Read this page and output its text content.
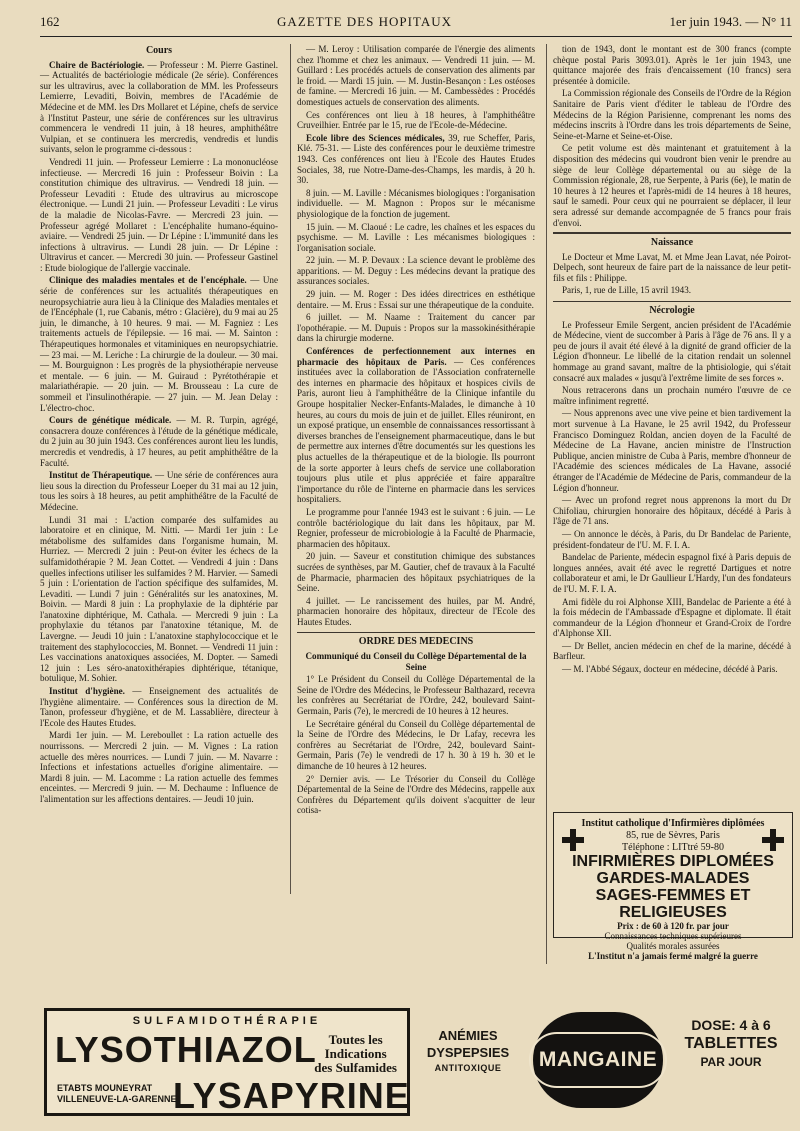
162	GAZETTE DES HOPITAUX	1er juin 1943. — N° 11

Cours

Chaire de Bactériologie. — Professeur : M. Pierre Gastinel. — Actualités de bactériologie médicale (2e série). Conférences sur les ultravirus, avec la collaboration de MM. les Professeurs Lemierre, Levaditi, Boivin, membres de l'Académie de Médecine et de MM. les Drs Mollaret et Lépine, chefs de service à l'Institut Pasteur, une série de conférences sur les ultravirus commencera le vendredi 11 juin, à 18 heures, amphithéâtre Vulpian, et se continuera les mercredis, vendredis et lundis suivants, selon le programme ci-dessous :

Vendredi 11 juin. — Professeur Lemierre : La mononucléose infectieuse. — Mercredi 16 juin : Professeur Boivin : La constitution chimique des ultravirus. — Vendredi 18 juin. — Professeur Levaditi : Etude des ultravirus au microscope électronique. — Lundi 21 juin. — Professeur Levaditi : Le virus de la maladie de Nicolas-Favre. — Mercredi 23 juin. — Professeur agrégé Mollaret : L'encéphalite humano-équino-aviaire. — Vendredi 25 juin. — Dr Lépine : L'immunité dans les infections à ultravirus. — Lundi 28 juin. — Dr Lépine : Ultravirus et cancer. — Mercredi 30 juin. — Professeur Gastinel : Etude biologique de l'allergie vaccinale.

Clinique des maladies mentales et de l'encéphale. — Une série de conférences sur les actualités thérapeutiques en neuropsychiatrie aura lieu à la Clinique des Maladies mentales et de l'Encéphale (1, rue Cabanis, métro : Glacière), du 9 mai au 25 juin, le dimanche, à 10 heures. 9 mai. — M. Fagniez : Les traitements actuels de l'épilepsie. — 16 mai. — M. Sainton : Thérapeutiques hormonales et vitaminiques en neuropsychiatrie. — 23 mai. — M. Leriche : La chirurgie de la douleur. — 30 mai. — M. Bourguignon : Les progrès de la physiothérapie nerveuse et mentale. — 6 juin. — M. Guiraud : Pyrétothérapie et malariathérapie. — 20 juin. — M. Brousseau : La cure de sommeil et l'insulinothérapie. — 27 juin. — M. Jean Delay : L'électro-choc.

Cours de génétique médicale. — M. R. Turpin, agrégé, consacrera douze conférences à l'étude de la génétique médicale, du 2 juin au 30 juin 1943. Ces conférences auront lieu les lundis, mercredis et vendredis, à 17 heures, au petit amphithéâtre de la Faculté.

Institut de Thérapeutique. — Une série de conférences aura lieu sous la direction du Professeur Loeper du 31 mai au 12 juin, tous les soirs à 18 heures, au petit amphithéâtre de la Faculté de Médecine.

Lundi 31 mai : L'action comparée des sulfamides au laboratoire et en clinique, M. Nitti. — Mardi 1er juin : Le métabolisme des sulfamides dans l'organisme humain, M. Hurriez. — Mercredi 2 juin : Peut-on éviter les échecs de la sulfamidothérapie ? M. Jean Cottet. — Vendredi 4 juin : Dans quelles infections utiliser les sulfamides ? M. Harvier. — Samedi 5 juin : L'orientation de l'action spécifique des sulfamides, M. Levaditi. — Lundi 7 juin : Généralités sur les anatoxines, M. Boivin. — Mardi 8 juin : La prophylaxie de la diphtérie par l'anatoxine diphtérique, M. Cathala. — Mercredi 9 juin : La prophylaxie du tétanos par l'anatoxine tétanique, M. de Lavergne. — Jeudi 10 juin : L'anatoxine staphylococcique et le traitement des staphylococcies, M. Bonnet. — Vendredi 11 juin : Les vaccinations anatoxiques associées, M. Dopter. — Samedi 12 juin : Les séro-anatoxithérapies diphtérique, tétanique, botulique, M. Sohier.

Institut d'hygiène. — Enseignement des actualités de l'hygiène alimentaire. — Conférences sous la direction de M. Tanon, professeur d'hygiène, et de M. Lassablière, directeur à l'Ecole des Hautes Etudes.

Mardi 1er juin. — M. Lereboullet : La ration actuelle des nourrissons. — Mercredi 2 juin. — M. Vignes : La ration actuelle des mères nourrices. — Lundi 7 juin. — M. Navarre : Infections et infestations actuelles d'origine alimentaire. — Mardi 8 juin. — M. Lacomme : La ration actuelle des femmes enceintes. — Mercredi 9 juin. — M. Dechaume : Influence de l'alimentation sur les affections dentaires. — Jeudi 10 juin.

— M. Leroy : Utilisation comparée de l'énergie des aliments chez l'homme et chez les animaux. — Vendredi 11 juin. — M. Guillard : Les procédés actuels de conservation des aliments par le froid. — Mardi 15 juin. — M. Justin-Besançon : Les ostéoses de famine. — Mercredi 16 juin. — M. Cambessèdes : Procédés domestiques actuels de conservation des aliments.

Ces conférences ont lieu à 18 heures, à l'amphithéâtre Cruveilhier. Entrée par le 15, rue de l'Ecole-de-Médecine.

Ecole libre des Sciences médicales, 39, rue Scheffer, Paris, Klé. 75-31. — Liste des conférences pour le deuxième trimestre 1943. Ces conférences ont lieu à l'Ecole des Hautes Etudes Sociales, 38, rue Notre-Dame-des-Champs, les mardis, à 20 h. 30.

8 juin. — M. Laville : Mécanismes biologiques : l'organisation individuelle. — M. Magnon : Propos sur le mécanisme physiologique de la fonction de jugement.

15 juin. — M. Claoué : Le cadre, les chaînes et les espaces du psychisme. — M. Laville : Les mécanismes biologiques : l'organisation sociale.

22 juin. — M. P. Devaux : La science devant le problème des apparitions. — M. Deguy : Les médecins devant la pratique des assurances sociales.

29 juin. — M. Roger : Des idées directrices en esthétique dentaire. — M. Erus : Essai sur une thérapeutique de la conduite.

6 juillet. — M. Naame : Traitement du cancer par l'opothérapie. — M. Dupuis : Propos sur la massokinésithérapie dans la chirurgie moderne.

Conférences de perfectionnement aux internes en pharmacie des hôpitaux de Paris. — Ces conférences instituées avec la collaboration de l'Association confraternelle des internes en pharmacie des hôpitaux et hospices civils de Paris, auront lieu à l'amphithéâtre de la Clinique infantile du Groupe hospitalier Necker-Enfants-Malades, le dimanche à 10 heures, au cours du mois de juin et de juillet. Elles réuniront, en un exposé pratique, un ensemble de connaissances ressortissant à diverses branches de l'enseignement pharmaceutique, dans le but de permettre aux internes d'être documentés sur les questions les plus actuelles de la thérapeutique et de la biologie. Ils pourront de la sorte apporter à leurs chefs de service une collaboration toujours plus utile et plus appréciée et faire apparaître l'importance du rôle de l'interne en pharmacie dans les services hospitaliers.

Le programme pour l'année 1943 est le suivant : 6 juin. — Le contrôle bactériologique du lait dans les hôpitaux, par M. Regnier, professeur de microbiologie à la Faculté de Pharmacie, pharmacien des hôpitaux.

20 juin. — Saveur et constitution chimique des substances sucrées de synthèses, par M. Gautier, chef de travaux à la Faculté de Pharmacie, pharmacien des hôpitaux psychiatriques de la Seine.

4 juillet. — Le rancissement des huiles, par M. André, pharmacien honoraire des hôpitaux, directeur de l'Ecole des Hautes Etudes.

ORDRE DES MEDECINS

Communiqué du Conseil du Collège Départemental de la Seine

1° Le Président du Conseil du Collège Départemental de la Seine de l'Ordre des Médecins, le Professeur Balthazard, recevra les confrères au Secrétariat de l'Ordre, 242, boulevard Saint-Germain, Paris (7e), le mercredi de 10 heures à 12 heures.

Le Secrétaire général du Conseil du Collège départemental de la Seine de l'Ordre des Médecins, le Dr Lafay, recevra les confrères au Secrétariat de l'Ordre, 242, boulevard Saint-Germain, Paris (7e) le vendredi de 17 h. 30 à 19 h. 30 et le dimanche de 10 heures à 12 heures.

2° Dernier avis. — Le Trésorier du Conseil du Collège Départemental de la Seine de l'Ordre des Médecins, rappelle aux Confrères du Département qu'ils doivent s'acquitter de leur cotisa-

tion de 1943, dont le montant est de 300 francs (compte chèque postal Paris 3093.01). Après le 1er juin 1943, une quittance majorée des frais d'encaissement (10 francs) sera présentée à domicile.

La Commission régionale des Conseils de l'Ordre de la Région Sanitaire de Paris vient d'éditer le tableau de l'Ordre des Médecins de la Région Parisienne, comprenant les noms des médecins inscrits à l'Ordre dans les trois départements de Seine, Seine-et-Marne et Seine-et-Oise.

Ce petit volume est dès maintenant et gratuitement à la disposition des médecins qui voudront bien venir le prendre au siège de leur Collège départemental ou au siège de la Commission régionale, 28, rue Serpente, à Paris (6e), le matin de 10 heures à 12 heures et l'après-midi de 14 heures à 18 heures, sauf le samedi. Pour ceux qui ne pourraient se déplacer, il leur sera adressé sur demande accompagnée de 5 francs pour frais d'envoi.

Naissance

Le Docteur et Mme Lavat, M. et Mme Jean Lavat, née Poirot-Delpech, sont heureux de faire part de la naissance de leur petit-fils et fils : Philippe.

Paris, 1, rue de Lille, 15 avril 1943.

Nécrologie

Le Professeur Emile Sergent, ancien président de l'Académie de Médecine, vient de succomber à Paris à l'âge de 76 ans. Il y a peu de jours il avait été élevé à la dignité de grand officier de la Légion d'honneur. Le libellé de la citation rendait un solennel hommage au grand savant, maître de la phtisiologie, qui s'était consacré aux malades « jusqu'à l'extrême limite de ses forces ».

Nous retracerons dans un prochain numéro l'œuvre de ce maître infiniment regretté.

— Nous apprenons avec une vive peine et bien tardivement la mort survenue à La Havane, le 25 avril 1942, du Professeur Francisco Dominguez Roldan, ancien doyen de la Faculté de Médecine de La Havane, ancien ministre de l'Instruction Publique, ancien ministre de Cuba à Paris, membre d'honneur de l'Académie des sciences médicales de La Havane, associé étranger de l'Académie de Médecine de Paris, commandeur de la Légion d'honneur.

— Avec un profond regret nous apprenons la mort du Dr Chifoliau, chirurgien honoraire des hôpitaux, décédé à Paris à l'âge de 71 ans.

— On annonce le décès, à Paris, du Dr Bandelac de Pariente, président-fondateur de l'U. M. F. I. A.

Bandelac de Pariente, médecin espagnol fixé à Paris depuis de longues années, avait été avec le regretté Dartigues et notre collaborateur et ami, le Dr Gaullieur L'Hardy, l'un des fondateurs de l'U. M. F. I. A.

Ami fidèle du roi Alphonse XIII, Bandelac de Pariente a été à la fois médecin de l'Ambassade d'Espagne et diplomate. Il était commandeur de la Légion d'honneur et Grand-Croix de l'ordre d'Alphonse XII.

— Dr Bellet, ancien médecin en chef de la marine, décédé à Barfleur.

— M. l'Abbé Ségaux, docteur en médecine, décédé à Paris.

Institut catholique d'Infirmières diplômées
85, rue de Sèvres, Paris
Téléphone : LITtré 59-80
INFIRMIÈRES DIPLOMÉES
GARDES-MALADES
SAGES-FEMMES ET RELIGIEUSES
Prix : de 60 à 120 fr. par jour
Connaissances techniques supérieures
Qualités morales assurées
L'Institut n'a jamais fermé malgré la guerre
SULFAMIDOTHÉRAPIE
LYSOTHIAZOL Toutes les
Indications
des Sulfamides
ETABTS MOUNEYRAT
VILLENEUVE-LA-GARENNE
LYSAPYRINE
ANÉMIES
DYSPEPSIES
ANTITOXIQUE	MANGAINE
DOSE: 4 à 6
TABLETTES
PAR JOUR
